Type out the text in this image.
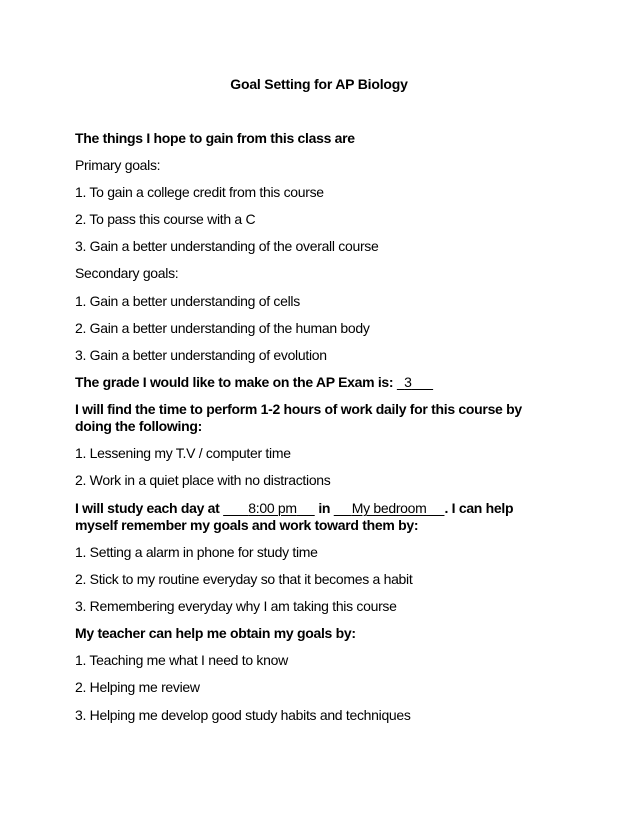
Goal Setting for AP Biology
The things I hope to gain from this class are
Primary goals:
1. To gain a college credit from this course
2. To pass this course with a C
3. Gain a better understanding of the overall course
Secondary goals:
1. Gain a better understanding of cells
2. Gain a better understanding of the human body
3. Gain a better understanding of evolution
The grade I would like to make on the AP Exam is: 3
I will find the time to perform 1-2 hours of work daily for this course by doing the following:
1. Lessening my T.V / computer time
2. Work in a quiet place with no distractions
I will study each day at 8:00 pm in My bedroom . I can help myself remember my goals and work toward them by:
1. Setting a alarm in phone for study time
2. Stick to my routine everyday so that it becomes a habit
3. Remembering everyday why I am taking this course
My teacher can help me obtain my goals by:
1. Teaching me what I need to know
2. Helping me review
3. Helping me develop good study habits and techniques
